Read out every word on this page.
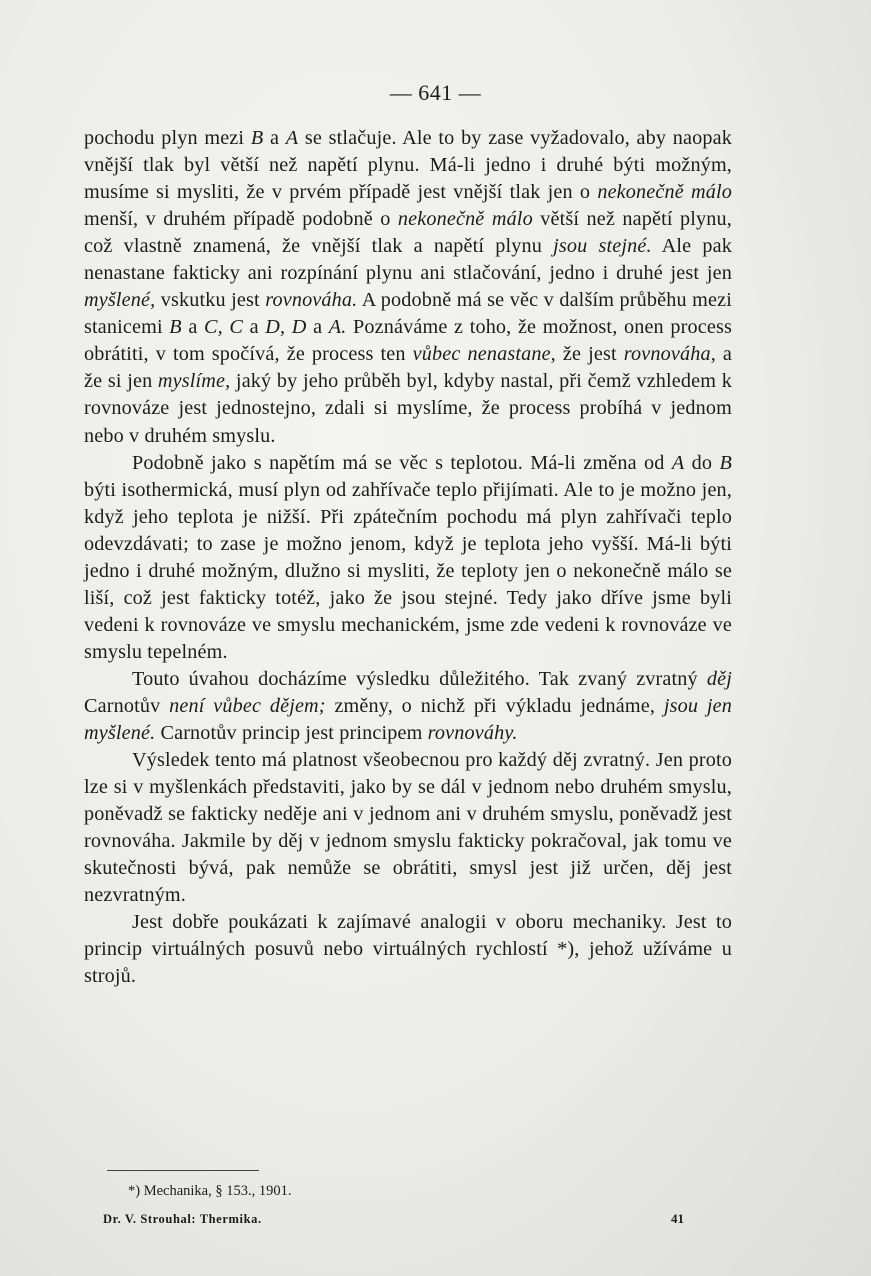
— 641 —

pochodu plyn mezi B a A se stlačuje. Ale to by zase vyžadovalo, aby naopak vnější tlak byl větší než napětí plynu. Má-li jedno i druhé býti možným, musíme si mysliti, že v prvém případě jest vnější tlak jen o nekonečně málo menší, v druhém případě podobně o nekonečně málo větší než napětí plynu, což vlastně znamená, že vnější tlak a napětí plynu jsou stejné. Ale pak nenastane fakticky ani rozpínání plynu ani stlačování, jedno i druhé jest jen myšlené, vskutku jest rovnováha. A podobně má se věc v dalším průběhu mezi stanicemi B a C, C a D, D a A. Poznáváme z toho, že možnost, onen process obrátiti, v tom spočívá, že process ten vůbec nenastane, že jest rovnováha, a že si jen myslíme, jaký by jeho průběh byl, kdyby nastal, při čemž vzhledem k rovnováze jest jednostejno, zdali si myslíme, že process probíhá v jednom nebo v druhém smyslu.

Podobně jako s napětím má se věc s teplotou. Má-li změna od A do B býti isothermická, musí plyn od zahřívače teplo přijímati. Ale to je možno jen, když jeho teplota je nižší. Při zpátečním pochodu má plyn zahřívači teplo odevzdávati; to zase je možno jenom, když je teplota jeho vyšší. Má-li býti jedno i druhé možným, dlužno si mysliti, že teploty jen o nekonečně málo se liší, což jest fakticky totéž, jako že jsou stejné. Tedy jako dříve jsme byli vedeni k rovnováze ve smyslu mechanickém, jsme zde vedeni k rovnováze ve smyslu tepelném.

Touto úvahou docházíme výsledku důležitého. Tak zvaný zvratný děj Carnotův není vůbec dějem; změny, o nichž při výkladu jednáme, jsou jen myšlené. Carnotův princip jest principem rovnováhy.

Výsledek tento má platnost všeobecnou pro každý děj zvratný. Jen proto lze si v myšlenkách představiti, jako by se dál v jednom nebo druhém smyslu, poněvadž se fakticky neděje ani v jednom ani v druhém smyslu, poněvadž jest rovnováha. Jakmile by děj v jednom smyslu fakticky pokračoval, jak tomu ve skutečnosti bývá, pak nemůže se obrátiti, smysl jest již určen, děj jest nezvratným.

Jest dobře poukázati k zajímavé analogii v oboru mechaniky. Jest to princip virtuálných posuvů nebo virtuálných rychlostí *), jehož užíváme u strojů.

*) Mechanika, § 153., 1901.
Dr. V. Strouhal: Thermika.	41
